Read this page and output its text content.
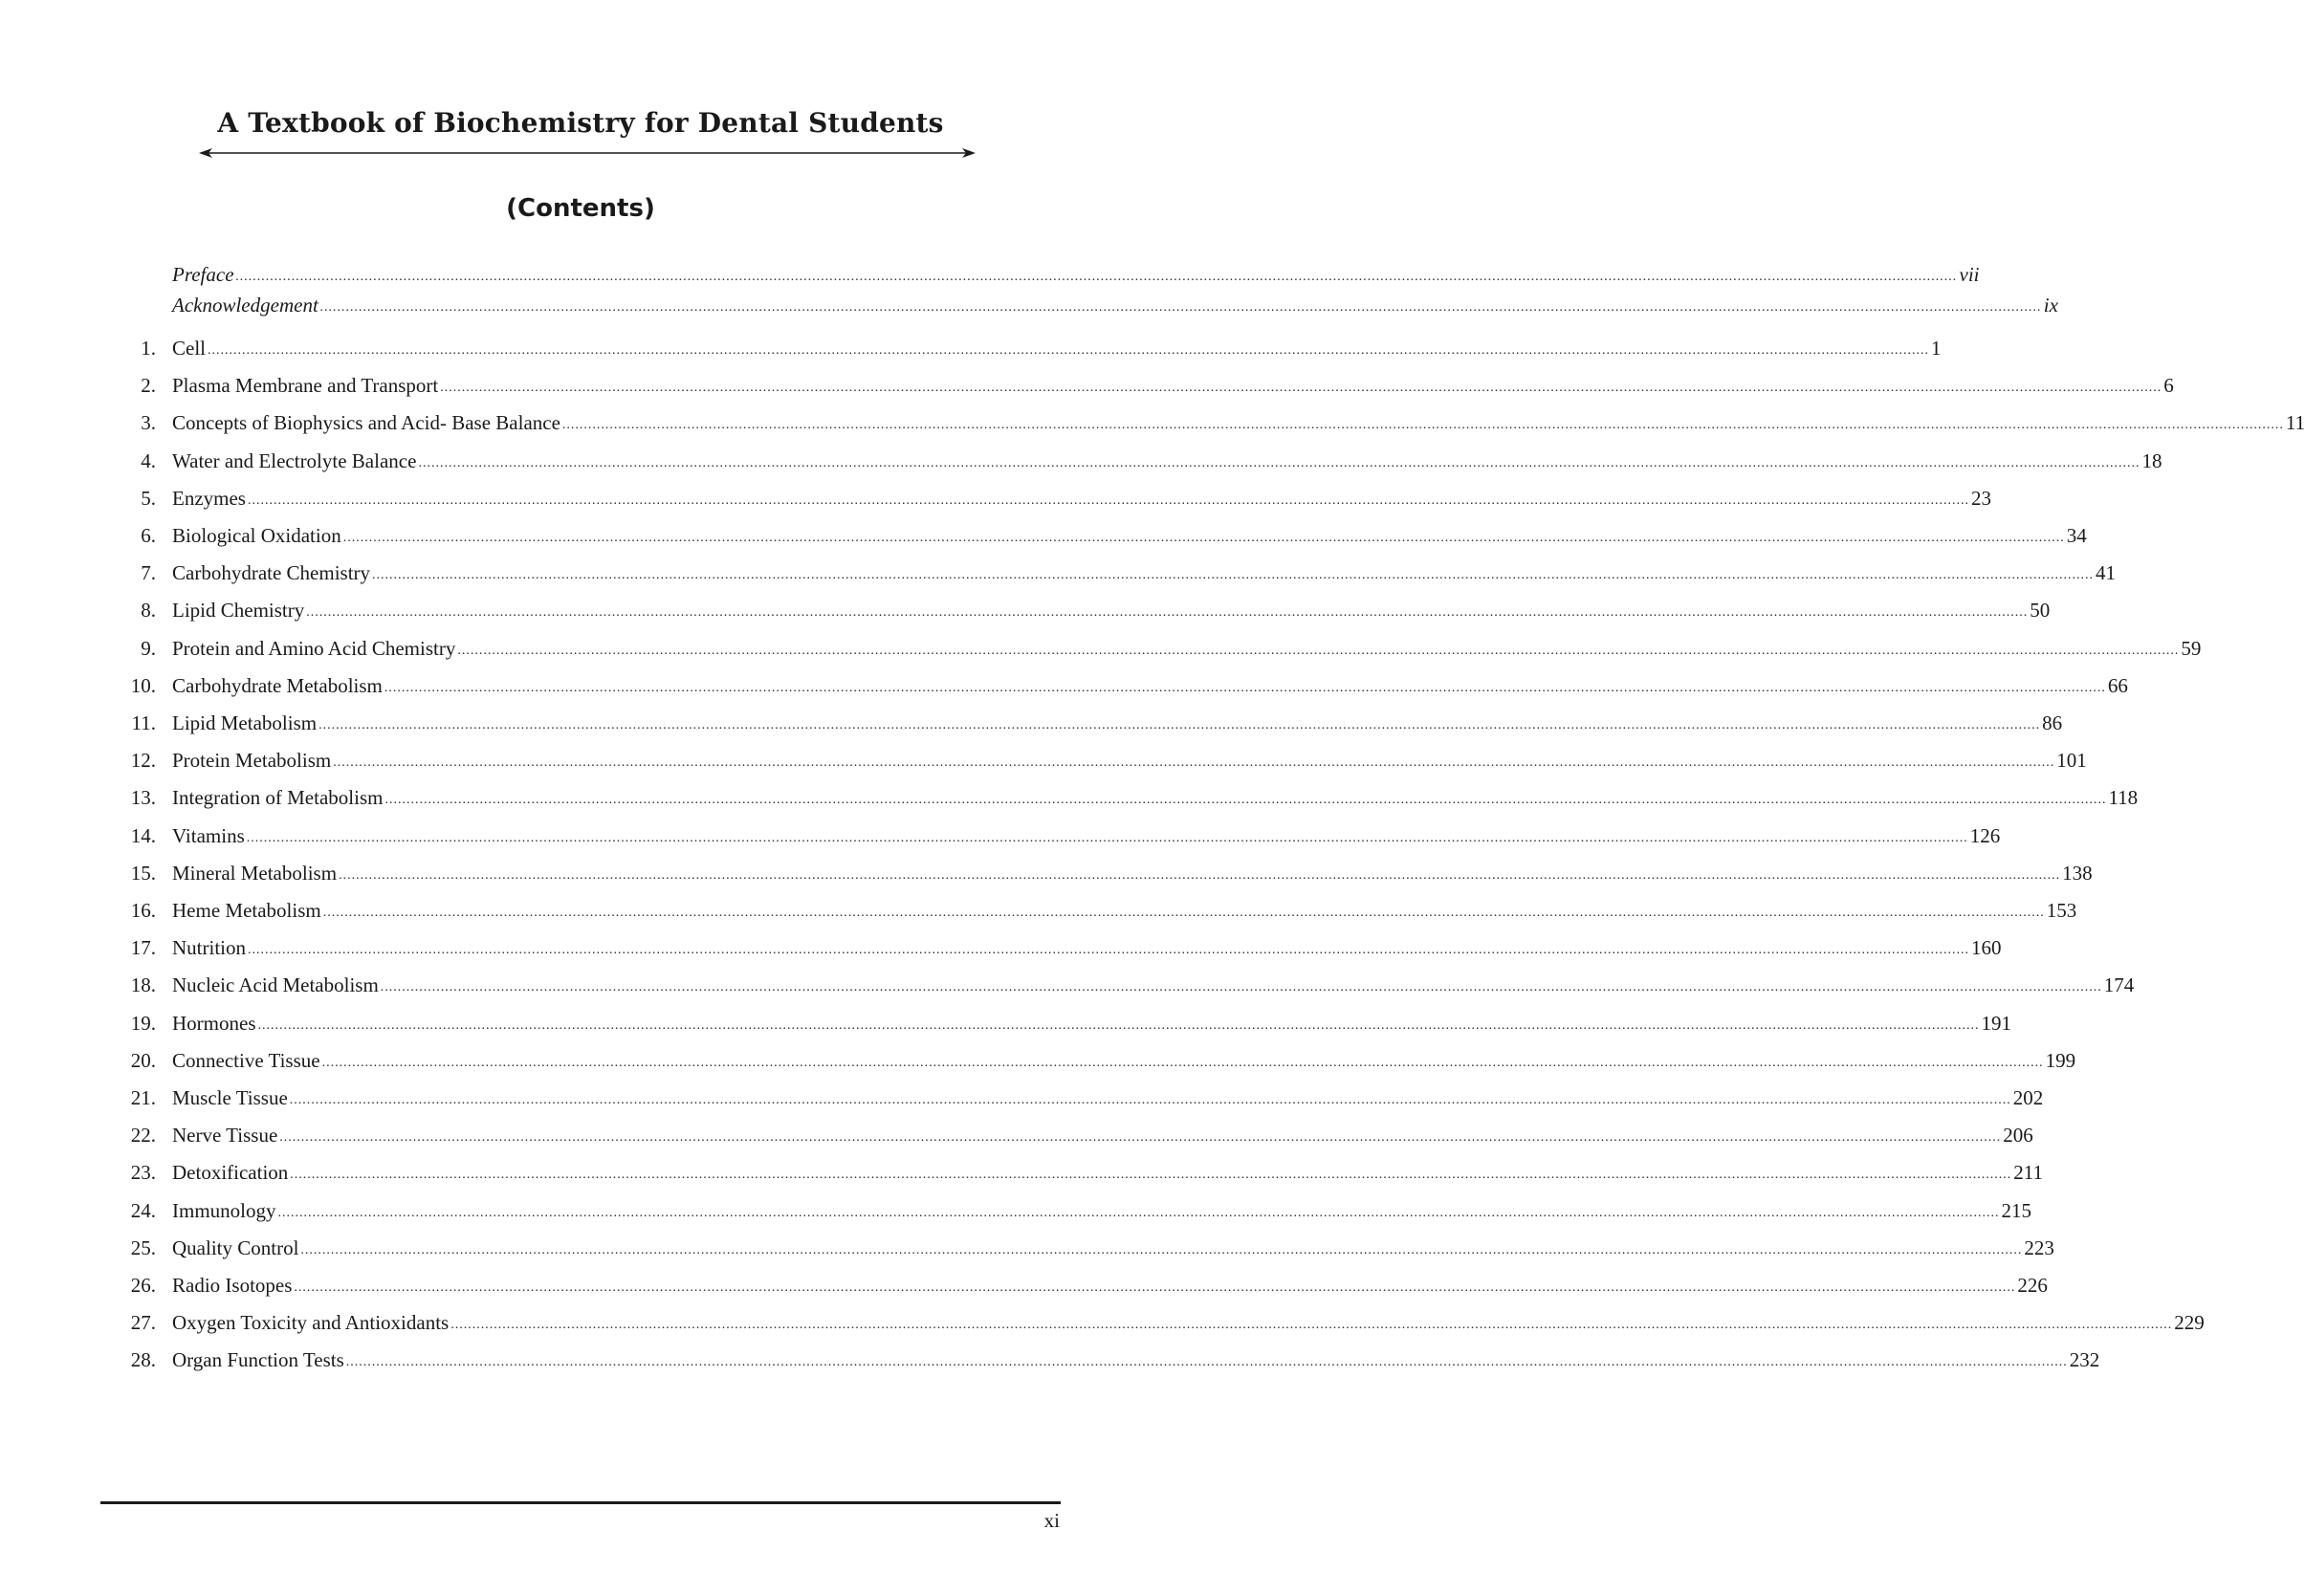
A Textbook of Biochemistry for Dental Students
(Contents)
Preface ................................................................................................................................................................................................................................................................................................................................................................................................................ vii
Acknowledgement ................................................................................................................................................................................................................................................................................................................................................................................................................ ix
1. Cell ................................................................................................................................................................................................................................................................................................................................................................................................................ 1
2. Plasma Membrane and Transport ................................................................................................................................................................................................................................................................................................................................................................................................................ 6
3. Concepts of Biophysics and Acid- Base Balance ................................................................................................................................................................................................................................................................................................................................................................................................................ 11
4. Water and Electrolyte Balance ................................................................................................................................................................................................................................................................................................................................................................................................................ 18
5. Enzymes ................................................................................................................................................................................................................................................................................................................................................................................................................ 23
6. Biological Oxidation ................................................................................................................................................................................................................................................................................................................................................................................................................ 34
7. Carbohydrate Chemistry ................................................................................................................................................................................................................................................................................................................................................................................................................ 41
8. Lipid Chemistry ................................................................................................................................................................................................................................................................................................................................................................................................................ 50
9. Protein and Amino Acid Chemistry ................................................................................................................................................................................................................................................................................................................................................................................................................ 59
10. Carbohydrate Metabolism ................................................................................................................................................................................................................................................................................................................................................................................................................ 66
11. Lipid Metabolism ................................................................................................................................................................................................................................................................................................................................................................................................................ 86
12. Protein Metabolism ................................................................................................................................................................................................................................................................................................................................................................................................................ 101
13. Integration of Metabolism ................................................................................................................................................................................................................................................................................................................................................................................................................ 118
14. Vitamins ................................................................................................................................................................................................................................................................................................................................................................................................................ 126
15. Mineral Metabolism ................................................................................................................................................................................................................................................................................................................................................................................................................ 138
16. Heme Metabolism ................................................................................................................................................................................................................................................................................................................................................................................................................ 153
17. Nutrition ................................................................................................................................................................................................................................................................................................................................................................................................................ 160
18. Nucleic Acid Metabolism ................................................................................................................................................................................................................................................................................................................................................................................................................ 174
19. Hormones ................................................................................................................................................................................................................................................................................................................................................................................................................ 191
20. Connective Tissue ................................................................................................................................................................................................................................................................................................................................................................................................................ 199
21. Muscle Tissue ................................................................................................................................................................................................................................................................................................................................................................................................................ 202
22. Nerve Tissue ................................................................................................................................................................................................................................................................................................................................................................................................................ 206
23. Detoxification ................................................................................................................................................................................................................................................................................................................................................................................................................ 211
24. Immunology ................................................................................................................................................................................................................................................................................................................................................................................................................ 215
25. Quality Control ................................................................................................................................................................................................................................................................................................................................................................................................................ 223
26. Radio Isotopes ................................................................................................................................................................................................................................................................................................................................................................................................................ 226
27. Oxygen Toxicity and Antioxidants ................................................................................................................................................................................................................................................................................................................................................................................................................ 229
28. Organ Function Tests ................................................................................................................................................................................................................................................................................................................................................................................................................ 232
xi
